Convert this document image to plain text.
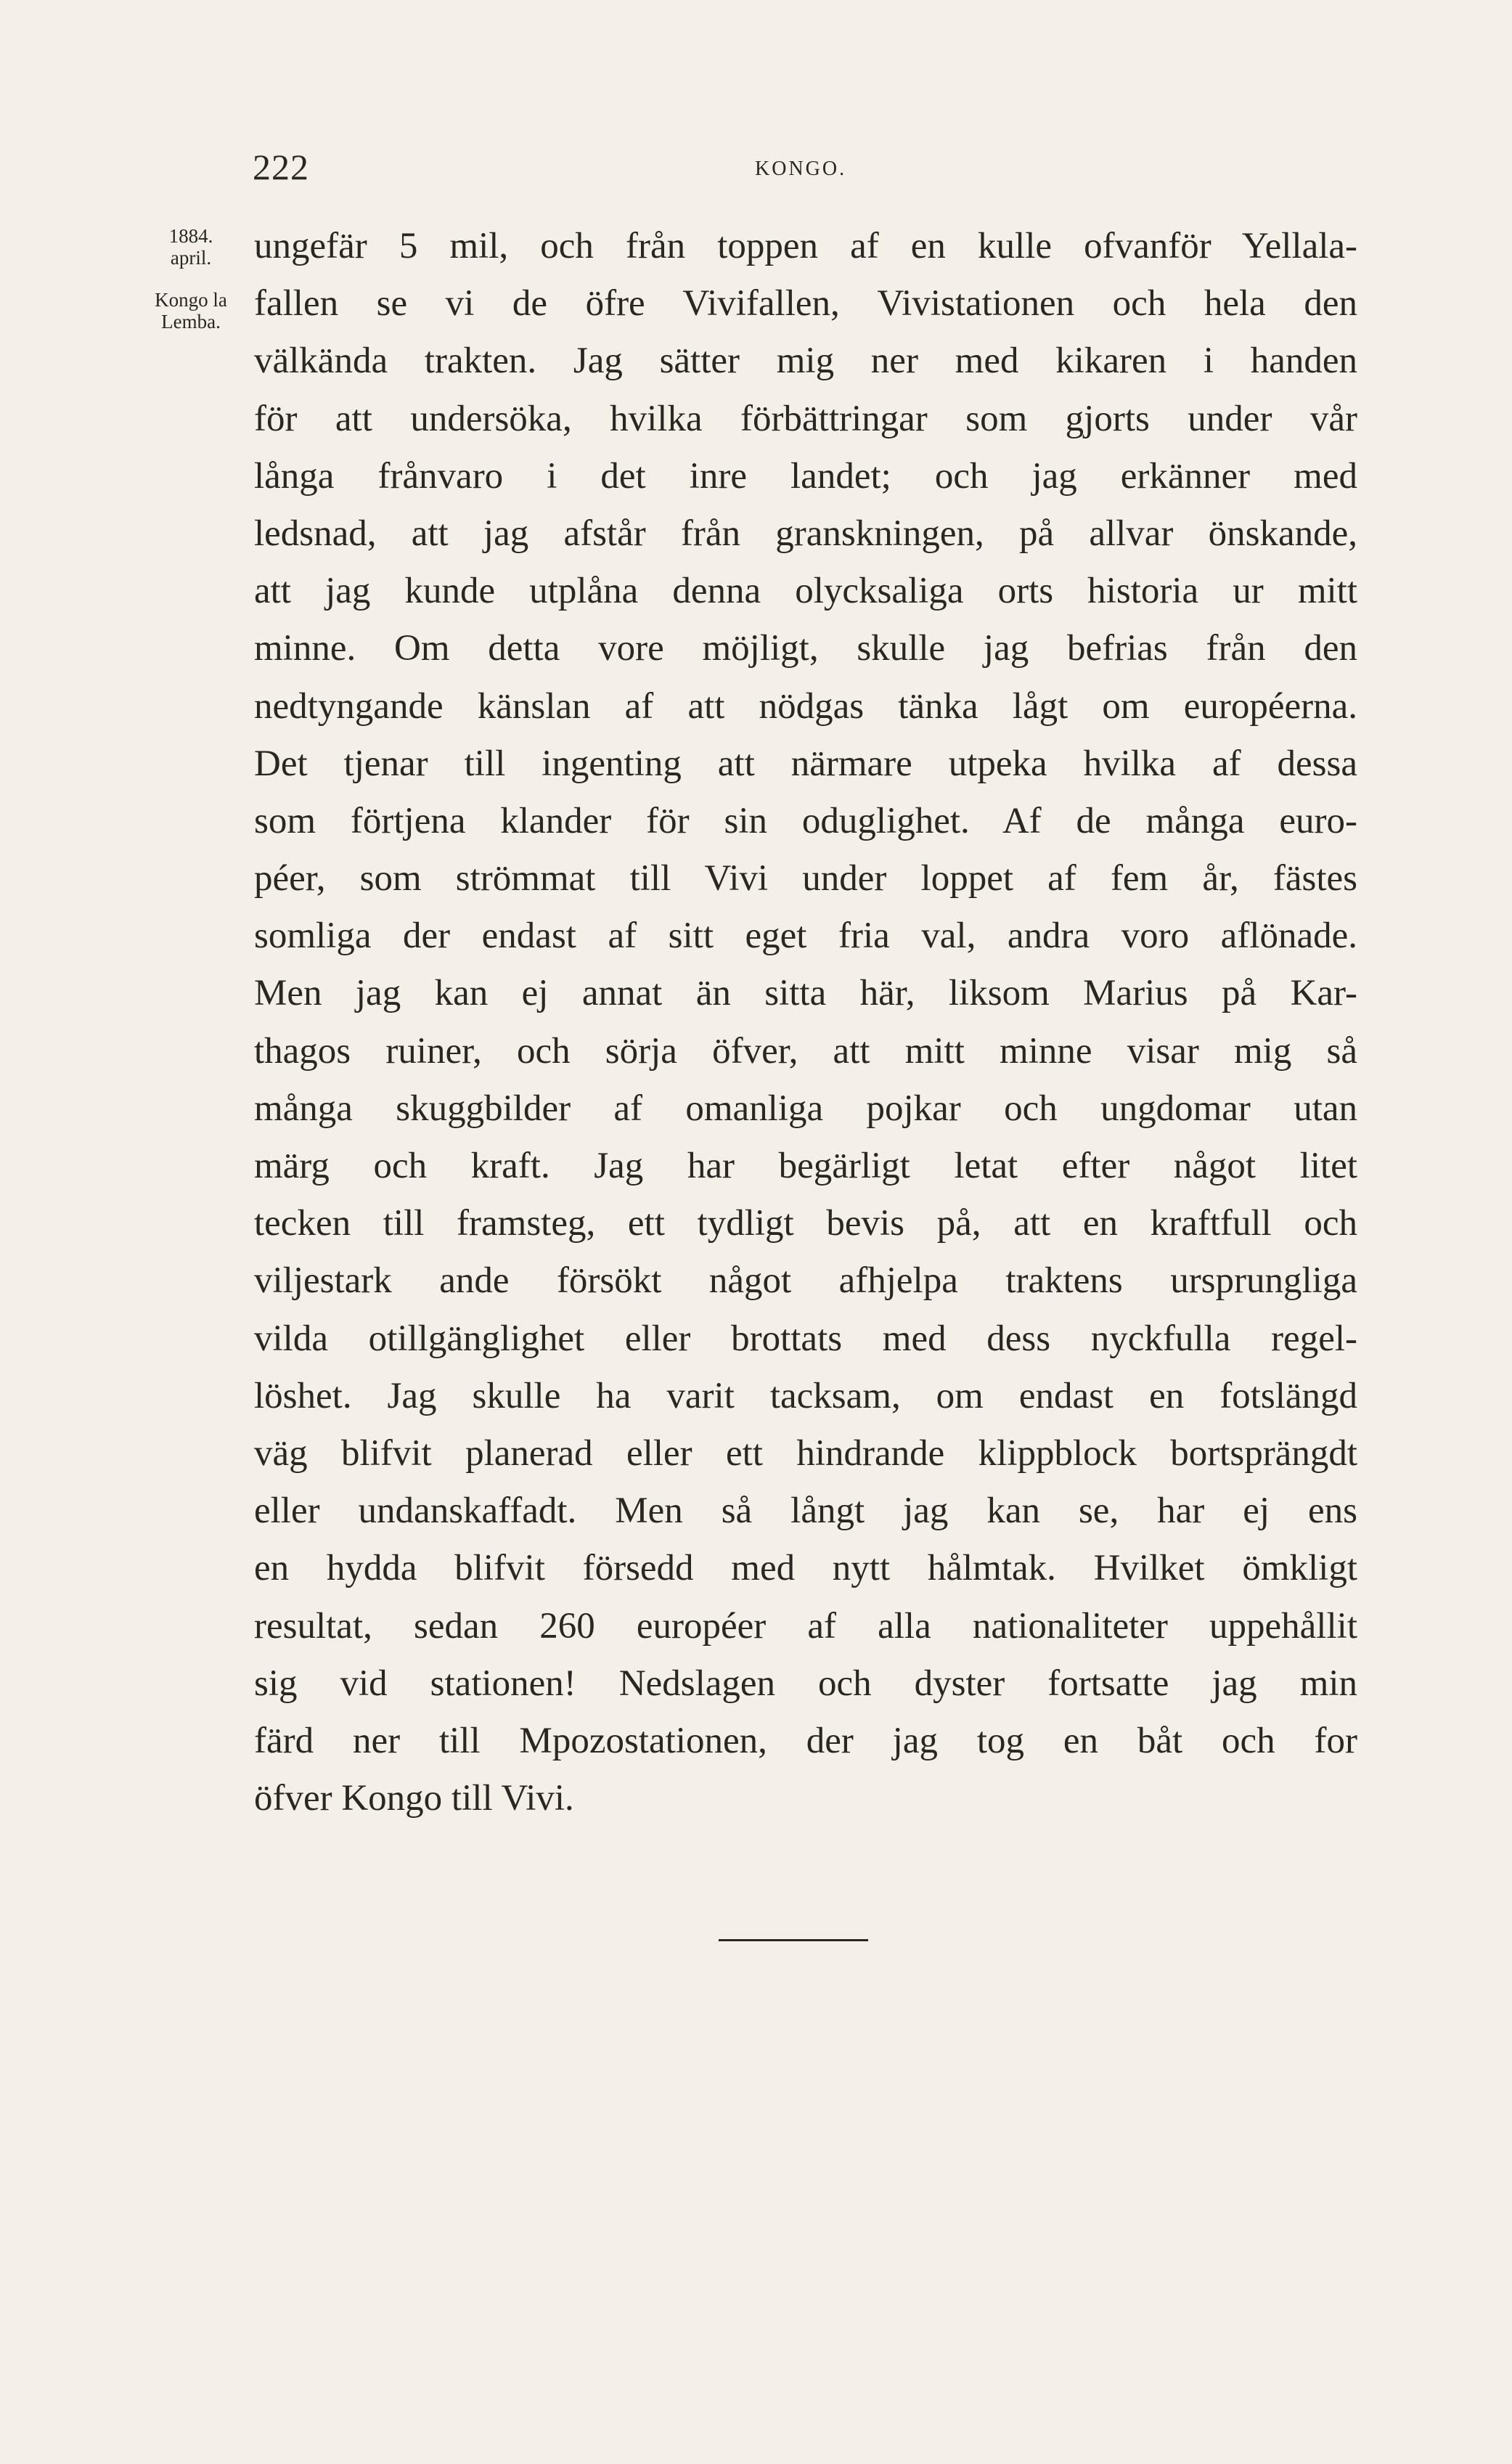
222	KONGO.
1884.
april.
Kongo la
Lemba.
ungefär 5 mil, och från toppen af en kulle ofvanför Yellala-
fallen se vi de öfre Vivifallen, Vivistationen och hela den
välkända trakten. Jag sätter mig ner med kikaren i handen
för att undersöka, hvilka förbättringar som gjorts under vår
långa frånvaro i det inre landet; och jag erkänner med
ledsnad, att jag afstår från granskningen, på allvar önskande,
att jag kunde utplåna denna olycksaliga orts historia ur mitt
minne. Om detta vore möjligt, skulle jag befrias från den
nedtyngande känslan af att nödgas tänka lågt om européerna.
Det tjenar till ingenting att närmare utpeka hvilka af dessa
som förtjena klander för sin oduglighet. Af de många euro-
péer, som strömmat till Vivi under loppet af fem år, fästes
somliga der endast af sitt eget fria val, andra voro aflönade.
Men jag kan ej annat än sitta här, liksom Marius på Kar-
thagos ruiner, och sörja öfver, att mitt minne visar mig så
många skuggbilder af omanliga pojkar och ungdomar utan
märg och kraft. Jag har begärligt letat efter något litet
tecken till framsteg, ett tydligt bevis på, att en kraftfull och
viljestark ande försökt något afhjelpa traktens ursprungliga
vilda otillgänglighet eller brottats med dess nyckfulla regel-
löshet. Jag skulle ha varit tacksam, om endast en fotslängd
väg blifvit planerad eller ett hindrande klippblock bortsprängdt
eller undanskaffadt. Men så långt jag kan se, har ej ens
en hydda blifvit försedd med nytt hålmtak. Hvilket ömkligt
resultat, sedan 260 européer af alla nationaliteter uppehållit
sig vid stationen! Nedslagen och dyster fortsatte jag min
färd ner till Mpozostationen, der jag tog en båt och for
öfver Kongo till Vivi.
